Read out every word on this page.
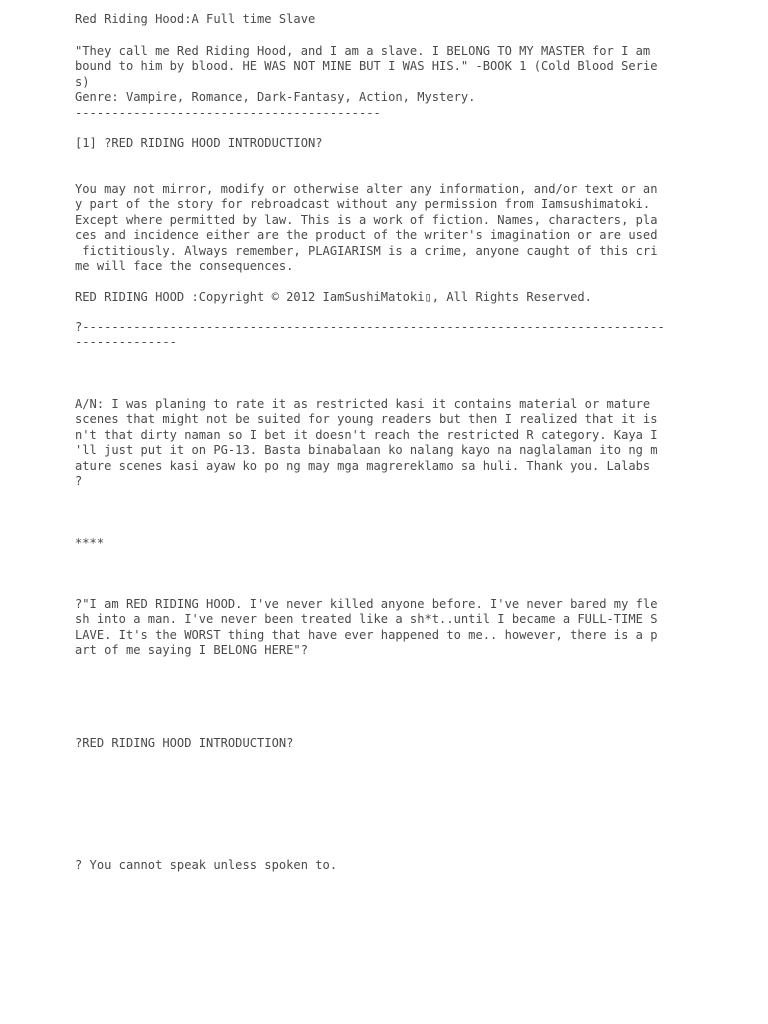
Red Riding Hood:A Full time Slave
"They call me Red Riding Hood, and I am a slave. I BELONG TO MY MASTER for I am
bound to him by blood. HE WAS NOT MINE BUT I WAS HIS." -BOOK 1 (Cold Blood Serie
s)
Genre: Vampire, Romance, Dark-Fantasy, Action, Mystery.
------------------------------------------
[1] ?RED RIDING HOOD INTRODUCTION?
You may not mirror, modify or otherwise alter any information, and/or text or an
y part of the story for rebroadcast without any permission from Iamsushimatoki.
Except where permitted by law. This is a work of fiction. Names, characters, pla
ces and incidence either are the product of the writer's imagination or are used
fictitiously. Always remember, PLAGIARISM is a crime, anyone caught of this cri
me will face the consequences.
RED RIDING HOOD :Copyright © 2012 IamSushiMatoki▯, All Rights Reserved.
?--------------------------------------------------------------------------------
--------------
A/N: I was planing to rate it as restricted kasi it contains material or mature
scenes that might not be suited for young readers but then I realized that it is
n't that dirty naman so I bet it doesn't reach the restricted R category. Kaya I
'll just put it on PG-13. Basta binabalaan ko nalang kayo na naglalaman ito ng m
ature scenes kasi ayaw ko po ng may mga magrereklamo sa huli. Thank you. Lalabs
?
****
?"I am RED RIDING HOOD. I've never killed anyone before. I've never bared my fle
sh into a man. I've never been treated like a sh*t..until I became a FULL-TIME S
LAVE. It's the WORST thing that have ever happened to me.. however, there is a p
art of me saying I BELONG HERE"?
?RED RIDING HOOD INTRODUCTION?
? You cannot speak unless spoken to.
